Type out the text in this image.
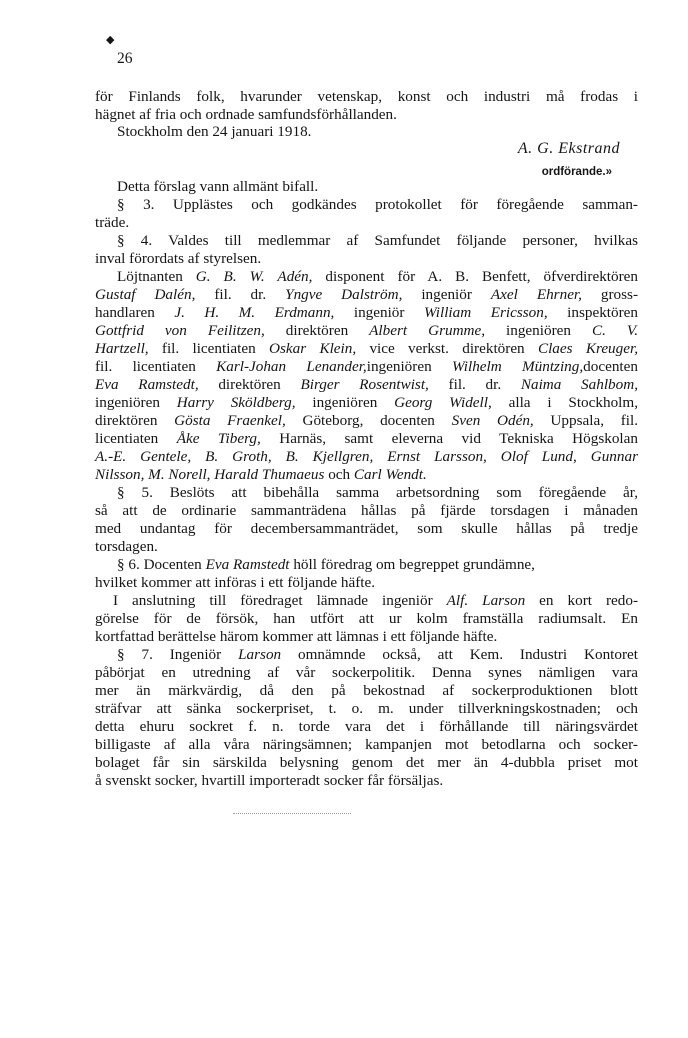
◆
26
för Finlands folk, hvarunder vetenskap, konst och industri må frodas i
hägnet af fria och ordnade samfundsförhållanden.
Stockholm den 24 januari 1918.
A. G. Ekstrand
ordförande.»
Detta förslag vann allmänt bifall.
§ 3. Upplästes och godkändes protokollet för föregående samman-
träde.
§ 4. Valdes till medlemmar af Samfundet följande personer, hvilkas
inval förordats af styrelsen.
Löjtnanten G. B. W. Adén, disponent för A. B. Benfett, öfverdirektören
Gustaf Dalén, fil. dr. Yngve Dalström, ingeniör Axel Ehrner, gross-
handlaren J. H. M. Erdmann, ingeniör William Ericsson, inspektören
Gottfrid von Feilitzen, direktören Albert Grumme, ingeniören C. V.
Hartzell, fil. licentiaten Oskar Klein, vice verkst. direktören Claes Kreuger,
fil. licentiaten Karl-Johan Lenander,ingeniören Wilhelm Müntzing,docenten
Eva Ramstedt, direktören Birger Rosentwist, fil. dr. Naima Sahlbom,
ingeniören Harry Sköldberg, ingeniören Georg Widell, alla i Stockholm,
direktören Gösta Fraenkel, Göteborg, docenten Sven Odén, Uppsala, fil.
licentiaten Åke Tiberg, Harnäs, samt eleverna vid Tekniska Högskolan
A.-E. Gentele, B. Groth, B. Kjellgren, Ernst Larsson, Olof Lund, Gunnar
Nilsson, M. Norell, Harald Thumaeus och Carl Wendt.
§ 5. Beslöts att bibehålla samma arbetsordning som föregående år,
så att de ordinarie sammanträdena hållas på fjärde torsdagen i månaden
med undantag för decembersammanträdet, som skulle hållas på tredje
torsdagen.
§ 6. Docenten Eva Ramstedt höll föredrag om begreppet grundämne,
hvilket kommer att införas i ett följande häfte.
I anslutning till föredraget lämnade ingeniör Alf. Larson en kort redo-
görelse för de försök, han utfört att ur kolm framställa radiumsalt. En
kortfattad berättelse härom kommer att lämnas i ett följande häfte.
§ 7. Ingeniör Larson omnämnde också, att Kem. Industri Kontoret
påbörjat en utredning af vår sockerpolitik. Denna synes nämligen vara
mer än märkvärdig, då den på bekostnad af sockerproduktionen blott
sträfvar att sänka sockerpriset, t. o. m. under tillverkningskostnaden; och
detta ehuru sockret f. n. torde vara det i förhållande till näringsvärdet
billigaste af alla våra näringsämnen; kampanjen mot betodlarna och socker-
bolaget får sin särskilda belysning genom det mer än 4-dubbla priset mot
å svenskt socker, hvartill importeradt socker får försäljas.
